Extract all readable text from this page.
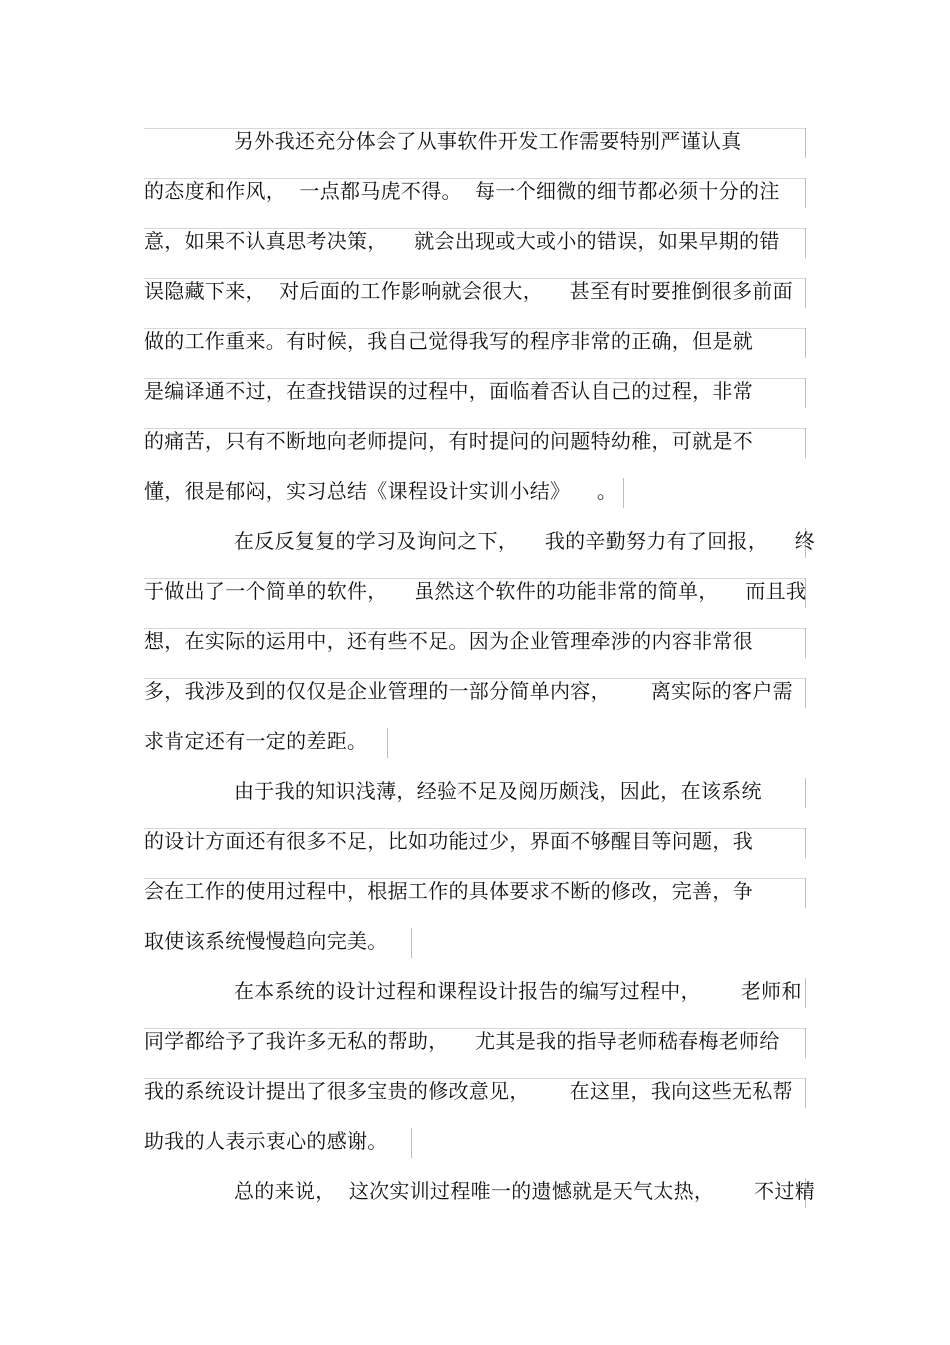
另外我还充分体会了从事软件开发工作需要特别严谨认真
的态度和作风，  一点都马虎不得。  每一个细微的细节都必须十分的注
意，如果不认真思考决策，    就会出现或大或小的错误，如果早期的错
误隐藏下来，  对后面的工作影响就会很大，    甚至有时要推倒很多前面
做的工作重来。有时候，我自己觉得我写的程序非常的正确，但是就
是编译通不过，在查找错误的过程中，面临着否认自己的过程，非常
的痛苦，只有不断地向老师提问，有时提问的问题特幼稚，可就是不
懂，很是郁闷，实习总结《课程设计实训小结》    。
在反反复复的学习及询问之下，    我的辛勤努力有了回报，    终
于做出了一个简单的软件，    虽然这个软件的功能非常的简单，    而且我
想，在实际的运用中，还有些不足。因为企业管理牵涉的内容非常很
多，我涉及到的仅仅是企业管理的一部分简单内容，      离实际的客户需
求肯定还有一定的差距。
由于我的知识浅薄，经验不足及阅历颇浅，因此，在该系统
的设计方面还有很多不足，比如功能过少，界面不够醒目等问题，我
会在工作的使用过程中，根据工作的具体要求不断的修改，完善，争
取使该系统慢慢趋向完美。
在本系统的设计过程和课程设计报告的编写过程中，      老师和
同学都给予了我许多无私的帮助，    尤其是我的指导老师嵇春梅老师给
我的系统设计提出了很多宝贵的修改意见，      在这里，我向这些无私帮
助我的人表示衷心的感谢。
总的来说，  这次实训过程唯一的遗憾就是天气太热，      不过精
